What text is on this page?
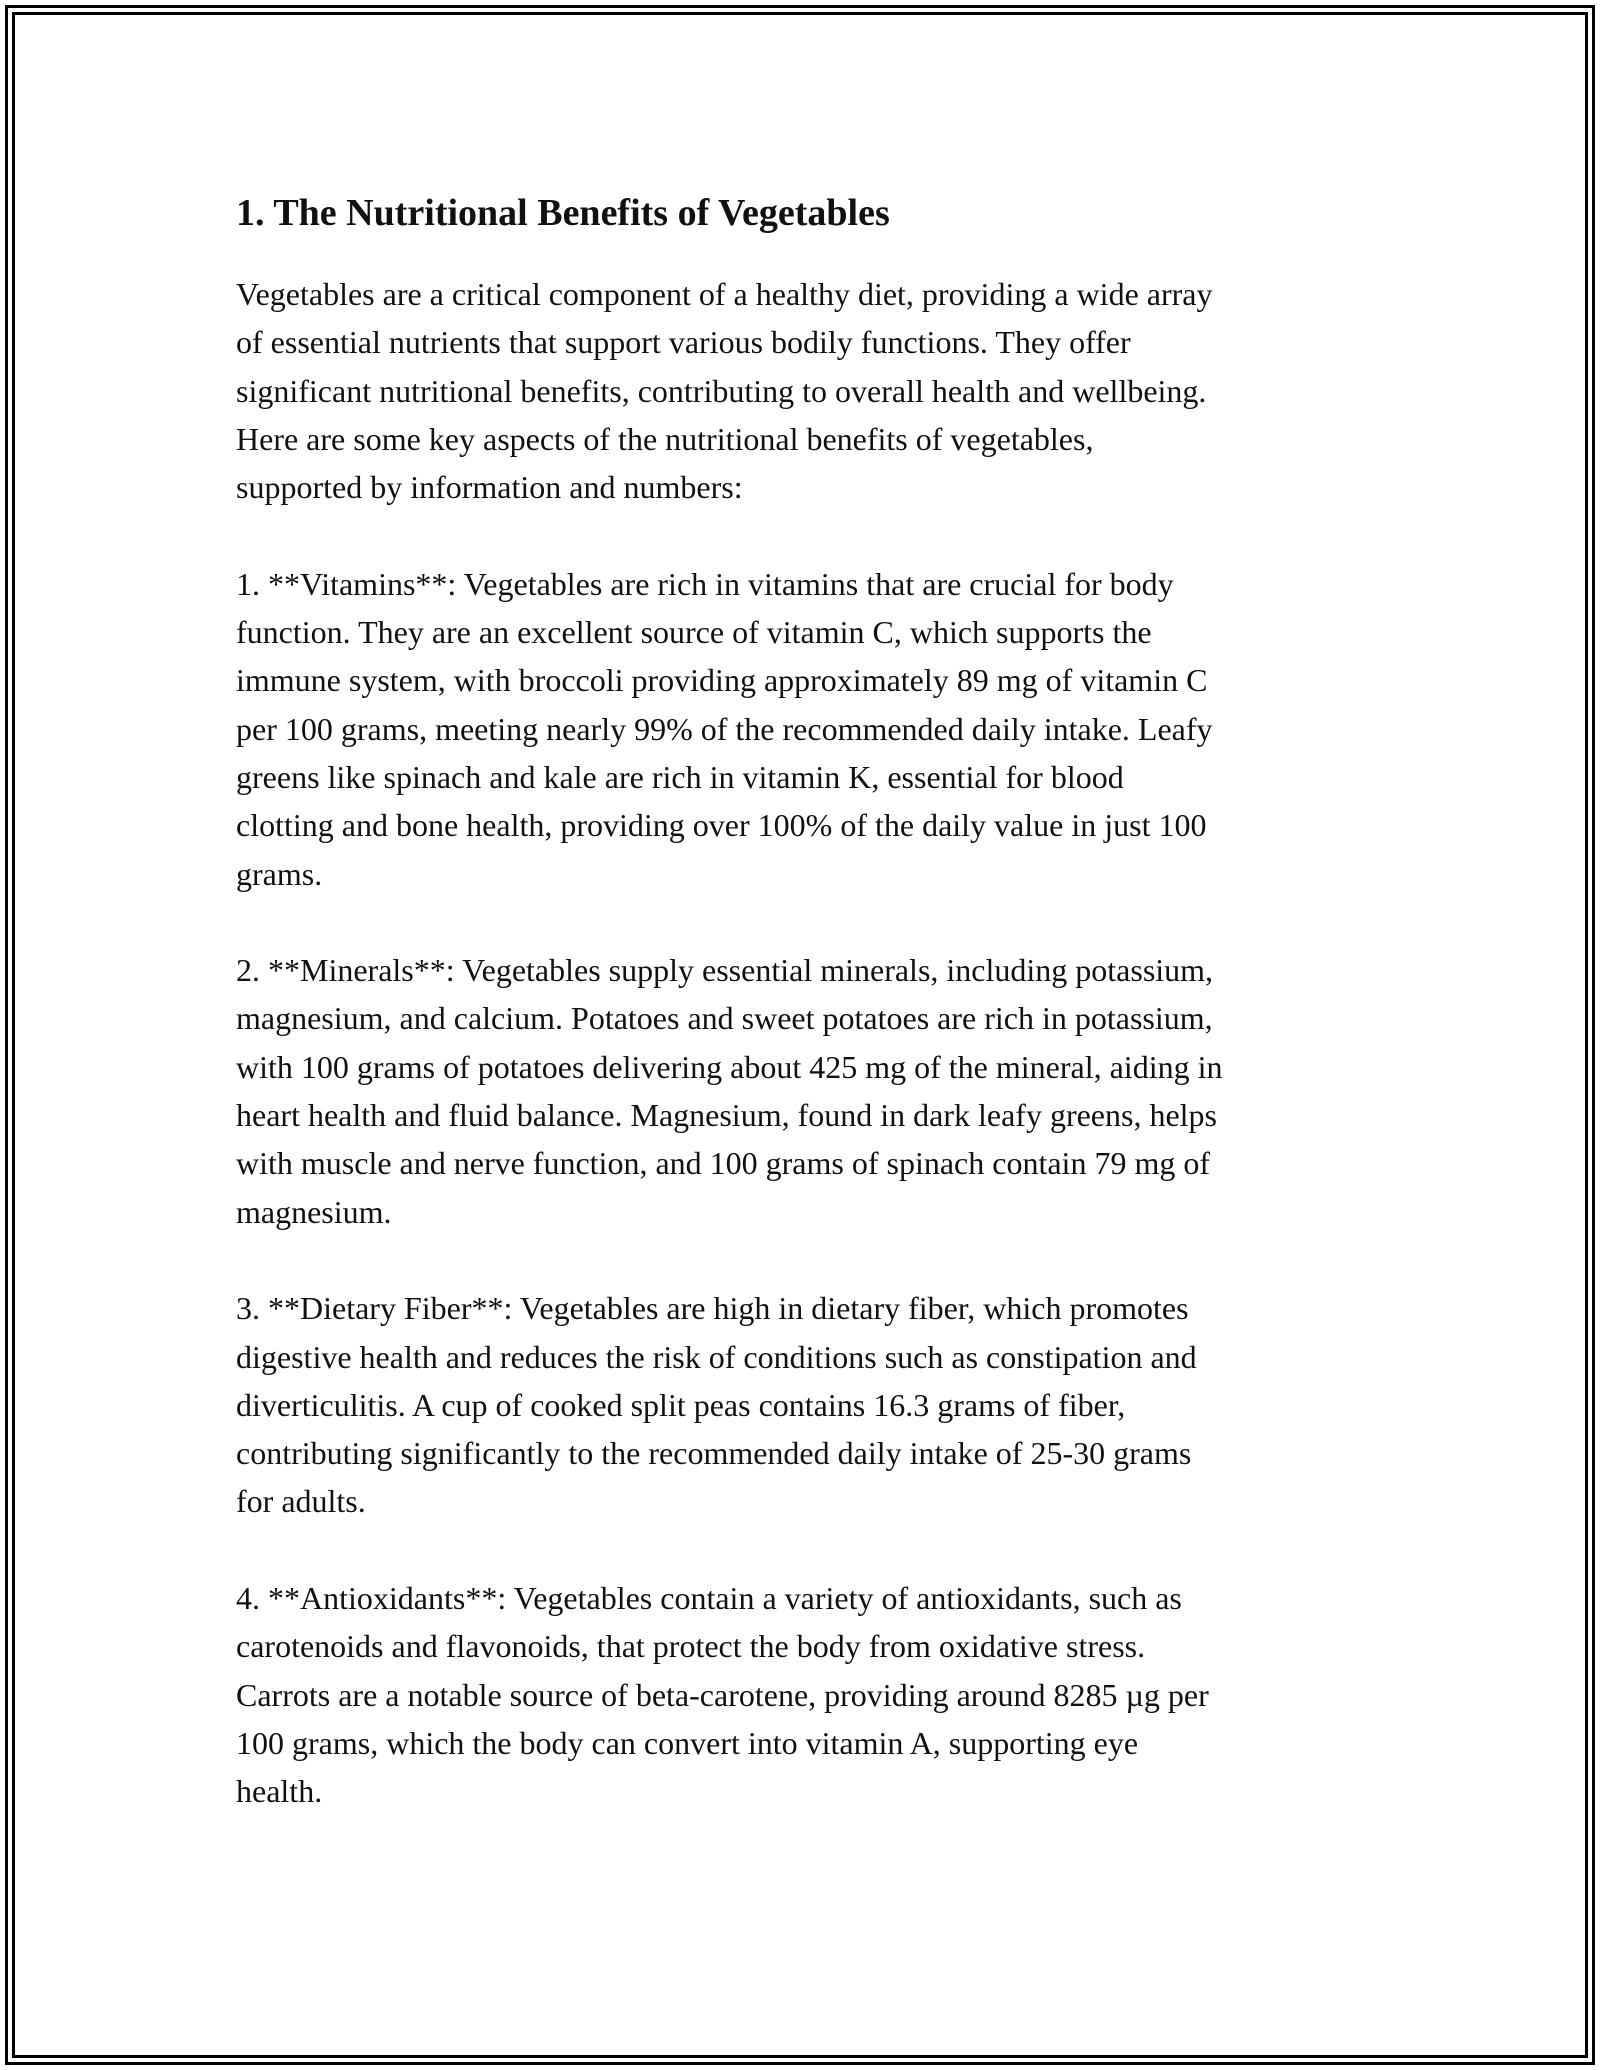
1. The Nutritional Benefits of Vegetables

Vegetables are a critical component of a healthy diet, providing a wide array
of essential nutrients that support various bodily functions. They offer
significant nutritional benefits, contributing to overall health and wellbeing.
Here are some key aspects of the nutritional benefits of vegetables,
supported by information and numbers:

1. **Vitamins**: Vegetables are rich in vitamins that are crucial for body
function. They are an excellent source of vitamin C, which supports the
immune system, with broccoli providing approximately 89 mg of vitamin C
per 100 grams, meeting nearly 99% of the recommended daily intake. Leafy
greens like spinach and kale are rich in vitamin K, essential for blood
clotting and bone health, providing over 100% of the daily value in just 100
grams.

2. **Minerals**: Vegetables supply essential minerals, including potassium,
magnesium, and calcium. Potatoes and sweet potatoes are rich in potassium,
with 100 grams of potatoes delivering about 425 mg of the mineral, aiding in
heart health and fluid balance. Magnesium, found in dark leafy greens, helps
with muscle and nerve function, and 100 grams of spinach contain 79 mg of
magnesium.

3. **Dietary Fiber**: Vegetables are high in dietary fiber, which promotes
digestive health and reduces the risk of conditions such as constipation and
diverticulitis. A cup of cooked split peas contains 16.3 grams of fiber,
contributing significantly to the recommended daily intake of 25-30 grams
for adults.

4. **Antioxidants**: Vegetables contain a variety of antioxidants, such as
carotenoids and flavonoids, that protect the body from oxidative stress.
Carrots are a notable source of beta-carotene, providing around 8285 µg per
100 grams, which the body can convert into vitamin A, supporting eye
health.
